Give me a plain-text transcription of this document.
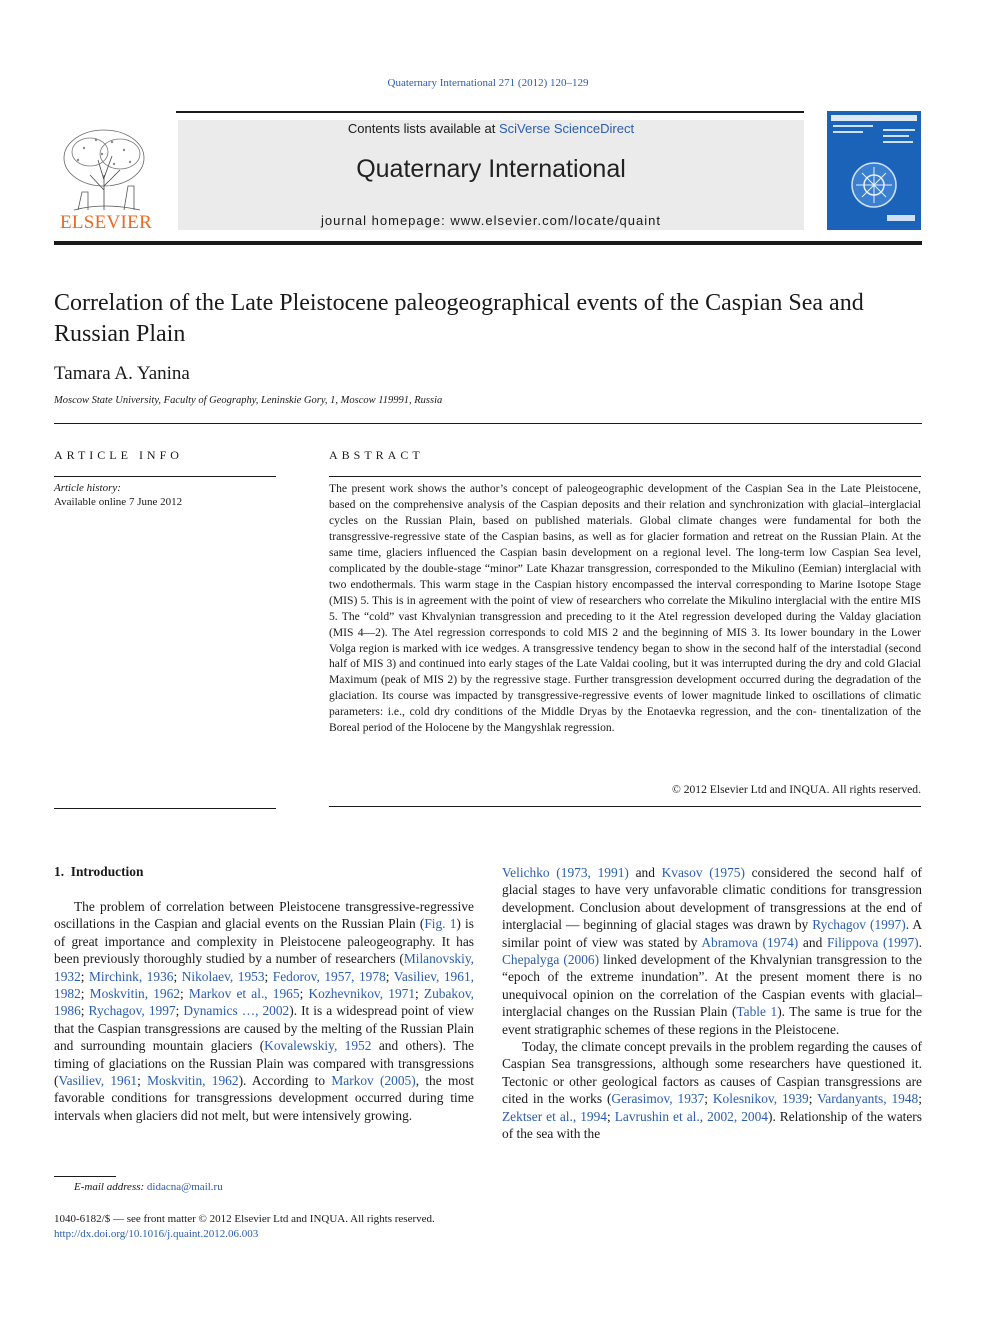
Quaternary International 271 (2012) 120–129
ELSEVIER
Contents lists available at SciVerse ScienceDirect
Quaternary International
journal homepage: www.elsevier.com/locate/quaint
Correlation of the Late Pleistocene paleogeographical events of the Caspian Sea and Russian Plain
Tamara A. Yanina
Moscow State University, Faculty of Geography, Leninskie Gory, 1, Moscow 119991, Russia
ARTICLE INFO
Article history:
Available online 7 June 2012
ABSTRACT
The present work shows the author’s concept of paleogeographic development of the Caspian Sea in the Late Pleistocene, based on the comprehensive analysis of the Caspian deposits and their relation and synchronization with glacial–interglacial cycles on the Russian Plain, based on published materials. Global climate changes were fundamental for both the transgressive-regressive state of the Caspian basins, as well as for glacier formation and retreat on the Russian Plain. At the same time, glaciers influenced the Caspian basin development on a regional level. The long-term low Caspian Sea level, complicated by the double-stage “minor” Late Khazar transgression, corresponded to the Mikulino (Eemian) interglacial with two endothermals. This warm stage in the Caspian history encompassed the interval corresponding to Marine Isotope Stage (MIS) 5. This is in agreement with the point of view of researchers who correlate the Mikulino interglacial with the entire MIS 5. The “cold” vast Khvalynian transgression and preceding to it the Atel regression developed during the Valday glaciation (MIS 4—2). The Atel regression corresponds to cold MIS 2 and the beginning of MIS 3. Its lower boundary in the Lower Volga region is marked with ice wedges. A transgressive tendency began to show in the second half of the interstadial (second half of MIS 3) and continued into early stages of the Late Valdai cooling, but it was interrupted during the dry and cold Glacial Maximum (peak of MIS 2) by the regressive stage. Further transgression development occurred during the degradation of the glaciation. Its course was impacted by transgressive-regressive events of lower magnitude linked to oscillations of climatic parameters: i.e., cold dry conditions of the Middle Dryas by the Enotaevka regression, and the con- tinentalization of the Boreal period of the Holocene by the Mangyshlak regression.
© 2012 Elsevier Ltd and INQUA. All rights reserved.
1. Introduction

The problem of correlation between Pleistocene transgressive-regressive oscillations in the Caspian and glacial events on the Russian Plain (Fig. 1) is of great importance and complexity in Pleistocene paleogeography. It has been previously thoroughly studied by a number of researchers (Milanovskiy, 1932; Mirchink, 1936; Nikolaev, 1953; Fedorov, 1957, 1978; Vasiliev, 1961, 1982; Moskvitin, 1962; Markov et al., 1965; Kozhevnikov, 1971; Zubakov, 1986; Rychagov, 1997; Dynamics …, 2002). It is a widespread point of view that the Caspian transgressions are caused by the melting of the Russian Plain and surrounding mountain glaciers (Kovalewskiy, 1952 and others). The timing of glaciations on the Russian Plain was compared with transgressions (Vasiliev, 1961; Moskvitin, 1962). According to Markov (2005), the most favorable conditions for transgressions development occurred during time intervals when glaciers did not melt, but were intensively growing.

Velichko (1973, 1991) and Kvasov (1975) considered the second half of glacial stages to have very unfavorable climatic conditions for transgression development. Conclusion about development of transgressions at the end of interglacial — beginning of glacial stages was drawn by Rychagov (1997). A similar point of view was stated by Abramova (1974) and Filippova (1997). Chepalyga (2006) linked development of the Khvalynian transgression to the “epoch of the extreme inundation”. At the present moment there is no unequivocal opinion on the correlation of the Caspian events with glacial–interglacial changes on the Russian Plain (Table 1). The same is true for the event stratigraphic schemes of these regions in the Pleistocene.

Today, the climate concept prevails in the problem regarding the causes of Caspian Sea transgressions, although some researchers have questioned it. Tectonic or other geological factors as causes of Caspian transgressions are cited in the works (Gerasimov, 1937; Kolesnikov, 1939; Vardanyants, 1948; Zektser et al., 1994; Lavrushin et al., 2002, 2004). Relationship of the waters of the sea with the

E-mail address: didacna@mail.ru
1040-6182/$ — see front matter © 2012 Elsevier Ltd and INQUA. All rights reserved.
http://dx.doi.org/10.1016/j.quaint.2012.06.003
